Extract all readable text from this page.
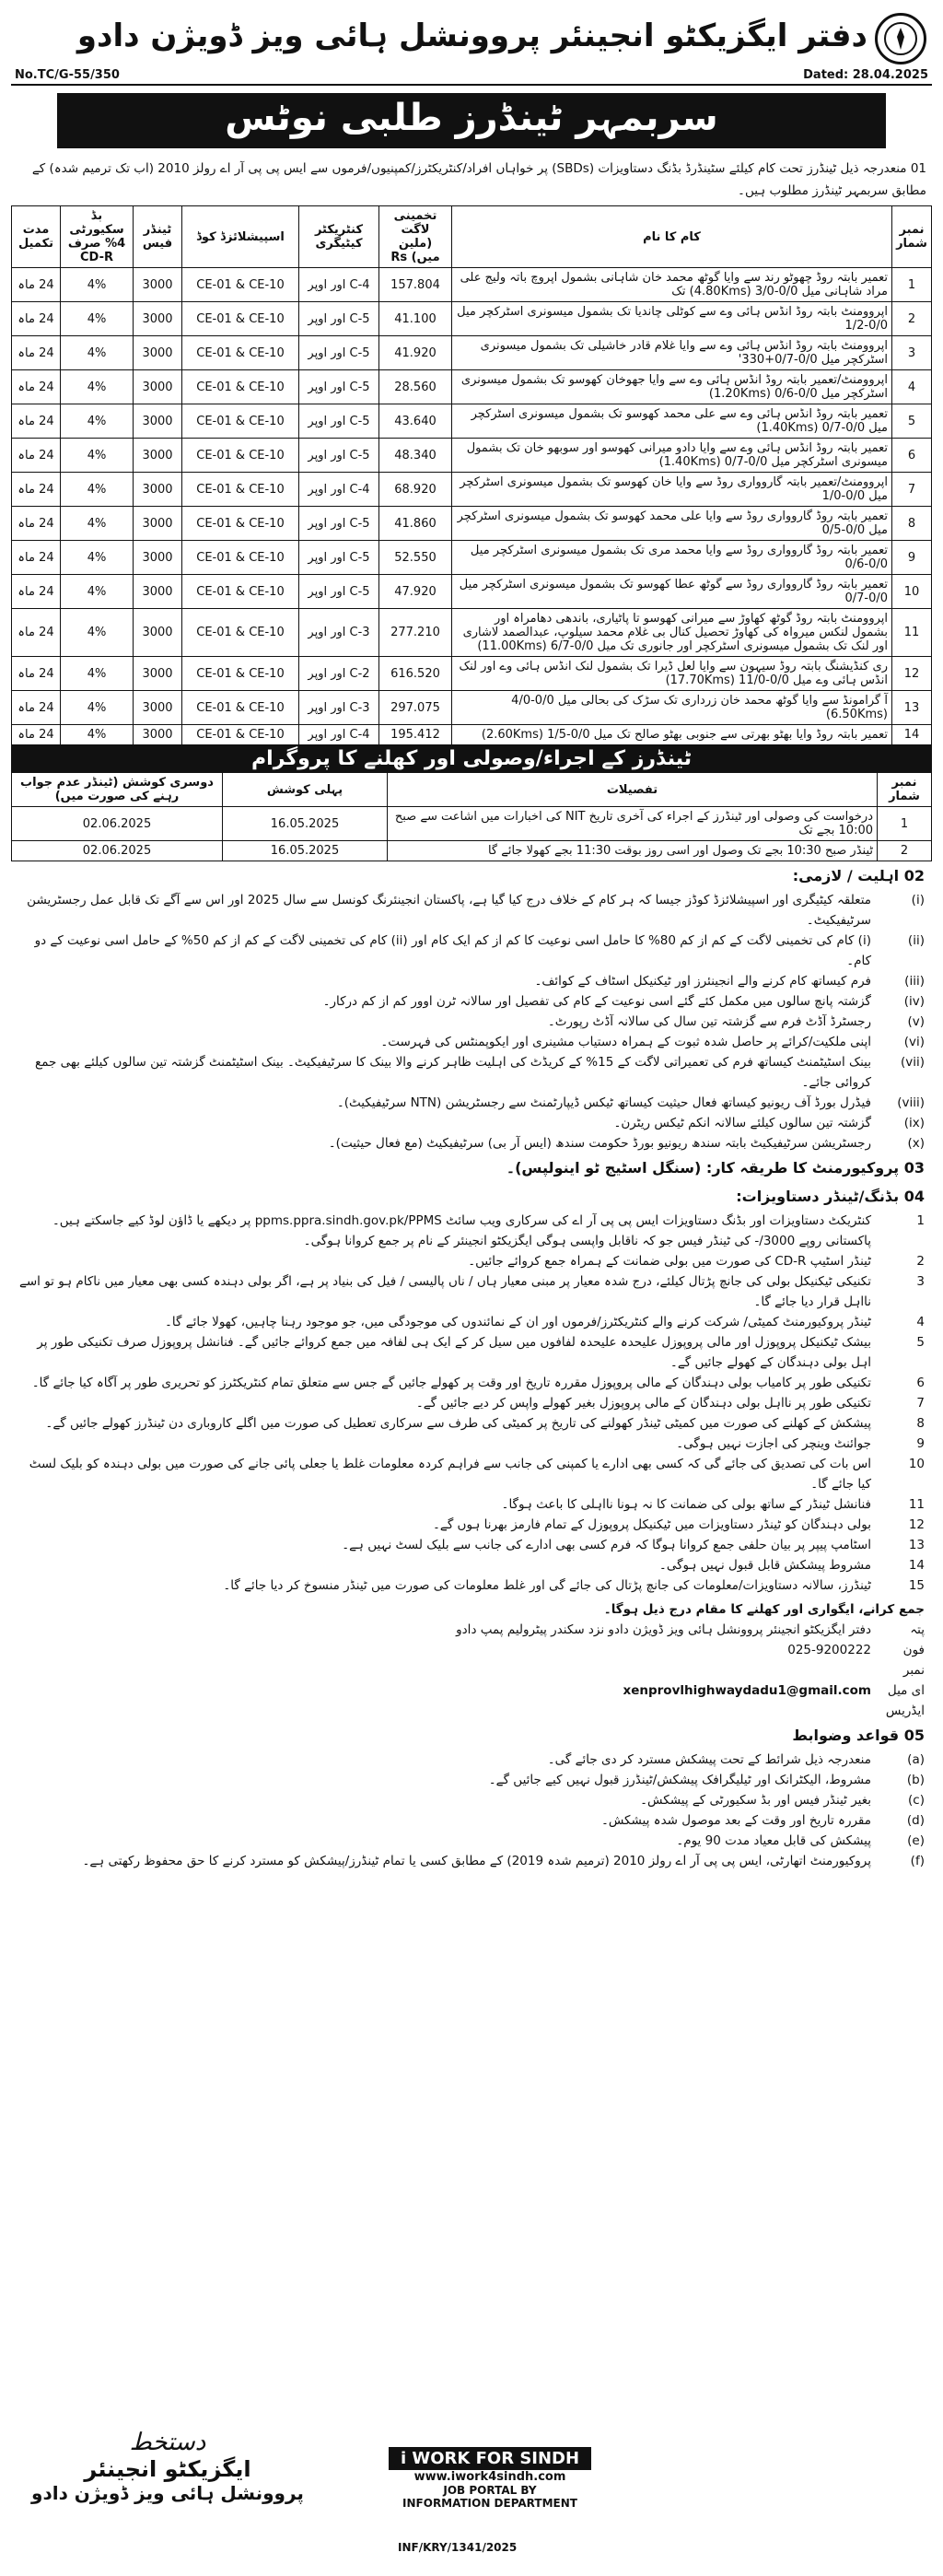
دفتر ایگزیکٹو انجینئر پروونشل ہائی ویز ڈویژن دادو
No.TC/G-55/350	Dated: 28.04.2025
سربمہر ٹینڈرز طلبی نوٹس
01 منعدرجہ ذیل ٹینڈرز تحت کام کیلئے سٹینڈرڈ بڈنگ دستاویزات (SBDs) پر خواہاں افراد/کنٹریکٹرز/کمپنیوں/فرموں سے ایس پی پی آر اے رولز 2010 (اب تک ترمیم شدہ) کے مطابق سربمہر ٹینڈرز مطلوب ہیں۔
نمبر شمار	کام کا نام	تخمینی لاگت (ملین میں) Rs	کنٹریکٹر کیٹیگری	اسپیشلائزڈ کوڈ	ٹینڈر فیس	بڈ سکیورٹی 4% صرف CD-R	مدت تکمیل
1	تعمیر بابتہ روڈ چھوٹو رند سے وایا گوٹھ محمد خان شاہانی بشمول اپروچ باتہ ولیج علی مراد شاہانی میل 0/0-3/0 (4.80Kms) تک	157.804	C-4 اور اوپر	CE-01 & CE-10	3000	4%	24 ماہ
2	اپروومنٹ بابتہ روڈ انڈس ہائی وے سے کوٹلی چاندیا تک بشمول میسونری اسٹرکچر میل 0/0-1/2	41.100	C-5 اور اوپر	CE-01 & CE-10	3000	4%	24 ماہ
3	اپروومنٹ بابتہ روڈ انڈس ہائی وے سے وایا غلام قادر خاشیلی تک بشمول میسونری اسٹرکچر میل 0/0-0/7+330'	41.920	C-5 اور اوپر	CE-01 & CE-10	3000	4%	24 ماہ
4	اپروومنٹ/تعمیر بابتہ روڈ انڈس ہائی وے سے وایا جھوخان کھوسو تک بشمول میسونری اسٹرکچر میل 0/0-0/6 (1.20Kms)	28.560	C-5 اور اوپر	CE-01 & CE-10	3000	4%	24 ماہ
5	تعمیر بابتہ روڈ انڈس ہائی وے سے علی محمد کھوسو تک بشمول میسونری اسٹرکچر میل 0/0-0/7 (1.40Kms)	43.640	C-5 اور اوپر	CE-01 & CE-10	3000	4%	24 ماہ
6	تعمیر بابتہ روڈ انڈس ہائی وے سے وایا دادو میرانی کھوسو اور سوبھو خان تک بشمول میسونری اسٹرکچر میل 0/0-0/7 (1.40Kms)	48.340	C-5 اور اوپر	CE-01 & CE-10	3000	4%	24 ماہ
7	اپروومنٹ/تعمیر بابتہ گاروواری روڈ سے وایا خان کھوسو تک بشمول میسونری اسٹرکچر میل 0/0-1/0	68.920	C-4 اور اوپر	CE-01 & CE-10	3000	4%	24 ماہ
8	تعمیر بابتہ روڈ گاروواری روڈ سے وایا علی محمد کھوسو تک بشمول میسونری اسٹرکچر میل 0/0-0/5	41.860	C-5 اور اوپر	CE-01 & CE-10	3000	4%	24 ماہ
9	تعمیر بابتہ روڈ گاروواری روڈ سے وایا محمد مری تک بشمول میسونری اسٹرکچر میل 0/0-0/6	52.550	C-5 اور اوپر	CE-01 & CE-10	3000	4%	24 ماہ
10	تعمیر بابتہ روڈ گاروواری روڈ سے گوٹھ عطا کھوسو تک بشمول میسونری اسٹرکچر میل 0/0-0/7	47.920	C-5 اور اوپر	CE-01 & CE-10	3000	4%	24 ماہ
11	اپروومنٹ بابتہ روڈ گوٹھ کھاوڑ سے میرانی کھوسو تا پاٹیاری، باندھی دھامراہ اور بشمول لنکس میرواہ کی کھاوڑ تحصیل کنال بی غلام محمد سیلوپ، عبدالصمد لاشاری اور لنک تک بشمول میسونری اسٹرکچر اور جانوری تک میل 0/0-6/7 (11.00Kms)	277.210	C-3 اور اوپر	CE-01 & CE-10	3000	4%	24 ماہ
12	ری کنڈیشنگ بابتہ روڈ سیہون سے وایا لعل ڈیرا تک بشمول لنک انڈس ہائی وے اور لنک انڈس ہائی وے میل 0/0-11/0 (17.70Kms)	616.520	C-2 اور اوپر	CE-01 & CE-10	3000	4%	24 ماہ
13	آ گرامونڈ سے وایا گوٹھ محمد خان زرداری تک سڑک کی بحالی میل 0/0-4/0 (6.50Kms)	297.075	C-3 اور اوپر	CE-01 & CE-10	3000	4%	24 ماہ
14	تعمیر بابتہ روڈ وایا بھٹو بھرتی سے جنوبی بھٹو صالح تک میل 0/0-1/5 (2.60Kms)	195.412	C-4 اور اوپر	CE-01 & CE-10	3000	4%	24 ماہ
ٹینڈرز کے اجراء/وصولی اور کھلنے کا پروگرام
نمبر شمار	تفصیلات	پہلی کوشش	دوسری کوشش (ٹینڈر عدم جواب رہنے کی صورت میں)
1	درخواست کی وصولی اور ٹینڈرز کے اجراء کی آخری تاریخ NIT کی اخبارات میں اشاعت سے صبح 10:00 بجے تک	16.05.2025	02.06.2025
2	ٹینڈر صبح 10:30 بجے تک وصول اور اسی روز بوقت 11:30 بجے کھولا جائے گا	16.05.2025	02.06.2025
02 اہلیت / لازمی:
(i)
متعلقہ کیٹیگری اور اسپیشلائزڈ کوڈز جیسا کہ ہر کام کے خلاف درج کیا گیا ہے، پاکستان انجینئرنگ کونسل سے سال 2025 اور اس سے آگے تک قابل عمل رجسٹریشن سرٹیفیکیٹ۔
(ii)
(i) کام کی تخمینی لاگت کے کم از کم 80% کا حامل اسی نوعیت کا کم از کم ایک کام اور (ii) کام کی تخمینی لاگت کے کم از کم 50% کے حامل اسی نوعیت کے دو کام۔
(iii)
فرم کیساتھ کام کرنے والے انجینئرز اور ٹیکنیکل اسٹاف کے کوائف۔
(iv)
گزشتہ پانچ سالوں میں مکمل کئے گئے اسی نوعیت کے کام کی تفصیل اور سالانہ ٹرن اوور کم از کم درکار۔
(v)
رجسٹرڈ آڈٹ فرم سے گزشتہ تین سال کی سالانہ آڈٹ رپورٹ۔
(vi)
اپنی ملکیت/کرائے پر حاصل شدہ ثبوت کے ہمراہ دستیاب مشینری اور ایکوپمنٹس کی فہرست۔
(vii)
بینک اسٹیٹمنٹ کیساتھ فرم کی تعمیراتی لاگت کے 15% کے کریڈٹ کی اہلیت ظاہر کرنے والا بینک کا سرٹیفیکیٹ۔ بینک اسٹیٹمنٹ گزشتہ تین سالوں کیلئے بھی جمع کروائی جائے۔
(viii)
فیڈرل بورڈ آف ریونیو کیساتھ فعال حیثیت کیساتھ ٹیکس ڈیپارٹمنٹ سے رجسٹریشن (NTN سرٹیفیکیٹ)۔
(ix)
گزشتہ تین سالوں کیلئے سالانہ انکم ٹیکس ریٹرن۔
(x)
رجسٹریشن سرٹیفیکیٹ بابتہ سندھ ریونیو بورڈ حکومت سندھ (ایس آر بی) سرٹیفیکیٹ (مع فعال حیثیت)۔
03 پروکیورمنٹ کا طریقہ کار: (سنگل اسٹیج ٹو اینولپس)۔
04 بڈنگ/ٹینڈر دستاویزات:
1
کنٹریکٹ دستاویزات اور بڈنگ دستاویزات ایس پی پی آر اے کی سرکاری ویب سائٹ ppms.ppra.sindh.gov.pk/PPMS پر دیکھے یا ڈاؤن لوڈ کیے جاسکتے ہیں۔ پاکستانی روپے 3000/- کی ٹینڈر فیس جو کہ ناقابل واپسی ہوگی ایگزیکٹو انجینئر کے نام پر جمع کروانا ہوگی۔
2
ٹینڈر اسٹیپ CD-R کی صورت میں بولی ضمانت کے ہمراہ جمع کروائے جائیں۔
3
تکنیکی ٹیکنیکل بولی کی جانچ پڑتال کیلئے، درج شدہ معیار پر مبنی معیار ہاں / ناں پالیسی / فیل کی بنیاد پر ہے، اگر بولی دہندہ کسی بھی معیار میں ناکام ہو تو اسے نااہل قرار دیا جائے گا۔
4
ٹینڈر پروکیورمنٹ کمیٹی/ شرکت کرنے والے کنٹریکٹرز/فرموں اور ان کے نمائندوں کی موجودگی میں، جو موجود رہنا چاہیں، کھولا جائے گا۔
5
بیشک ٹیکنیکل پروپوزل اور مالی پروپوزل علیحدہ علیحدہ لفافوں میں سیل کر کے ایک ہی لفافہ میں جمع کروائے جائیں گے۔ فنانشل پروپوزل صرف تکنیکی طور پر اہل بولی دہندگان کے کھولے جائیں گے۔
6
تکنیکی طور پر کامیاب بولی دہندگان کے مالی پروپوزل مقررہ تاریخ اور وقت پر کھولے جائیں گے جس سے متعلق تمام کنٹریکٹرز کو تحریری طور پر آگاہ کیا جائے گا۔
7
تکنیکی طور پر نااہل بولی دہندگان کے مالی پروپوزل بغیر کھولے واپس کر دیے جائیں گے۔
8
پیشکش کے کھلنے کی صورت میں کمیٹی ٹینڈر کھولنے کی تاریخ پر کمیٹی کی طرف سے سرکاری تعطیل کی صورت میں اگلے کاروباری دن ٹینڈرز کھولے جائیں گے۔
9
جوائنٹ وینچر کی اجازت نہیں ہوگی۔
10
اس بات کی تصدیق کی جائے گی کہ کسی بھی ادارے یا کمپنی کی جانب سے فراہم کردہ معلومات غلط یا جعلی پائی جانے کی صورت میں بولی دہندہ کو بلیک لسٹ کیا جائے گا۔
11
فنانشل ٹینڈر کے ساتھ بولی کی ضمانت کا نہ ہونا نااہلی کا باعث ہوگا۔
12
بولی دہندگان کو ٹینڈر دستاویزات میں ٹیکنیکل پروپوزل کے تمام فارمز بھرنا ہوں گے۔
13
اسٹامپ پیپر پر بیان حلفی جمع کروانا ہوگا کہ فرم کسی بھی ادارے کی جانب سے بلیک لسٹ نہیں ہے۔
14
مشروط پیشکش قابل قبول نہیں ہوگی۔
15
ٹینڈرز، سالانہ دستاویزات/معلومات کی جانچ پڑتال کی جائے گی اور غلط معلومات کی صورت میں ٹینڈر منسوخ کر دیا جائے گا۔
جمع کرانے، ایگواری اور کھلنے کا مقام درج ذیل ہوگا۔
پتہ
دفتر ایگزیکٹو انجینئر پروونشل ہائی ویز ڈویژن دادو نزد سکندر پیٹرولیم پمپ دادو
فون نمبر
025-9200222
ای میل ایڈریس
xenprovlhighwaydadu1@gmail.com
05 قواعد وضوابط
(a)
منعدرجہ ذیل شرائط کے تحت پیشکش مسترد کر دی جائے گی۔
(b)
مشروط، الیکٹرانک اور ٹیلیگرافک پیشکش/ٹینڈرز قبول نہیں کیے جائیں گے۔
(c)
بغیر ٹینڈر فیس اور بڈ سکیورٹی کے پیشکش۔
(d)
مقررہ تاریخ اور وقت کے بعد موصول شدہ پیشکش۔
(e)
پیشکش کی قابل معیاد مدت 90 یوم۔
(f)
پروکیورمنٹ اتھارٹی، ایس پی پی آر اے رولز 2010 (ترمیم شدہ 2019) کے مطابق کسی یا تمام ٹینڈرز/پیشکش کو مسترد کرنے کا حق محفوظ رکھتی ہے۔
دستخط
ایگزیکٹو انجینئر
پروونشل ہائی ویز ڈویژن دادو
i WORK FOR SINDH
www.iwork4sindh.com
JOB PORTAL BY
INFORMATION DEPARTMENT
INF/KRY/1341/2025
